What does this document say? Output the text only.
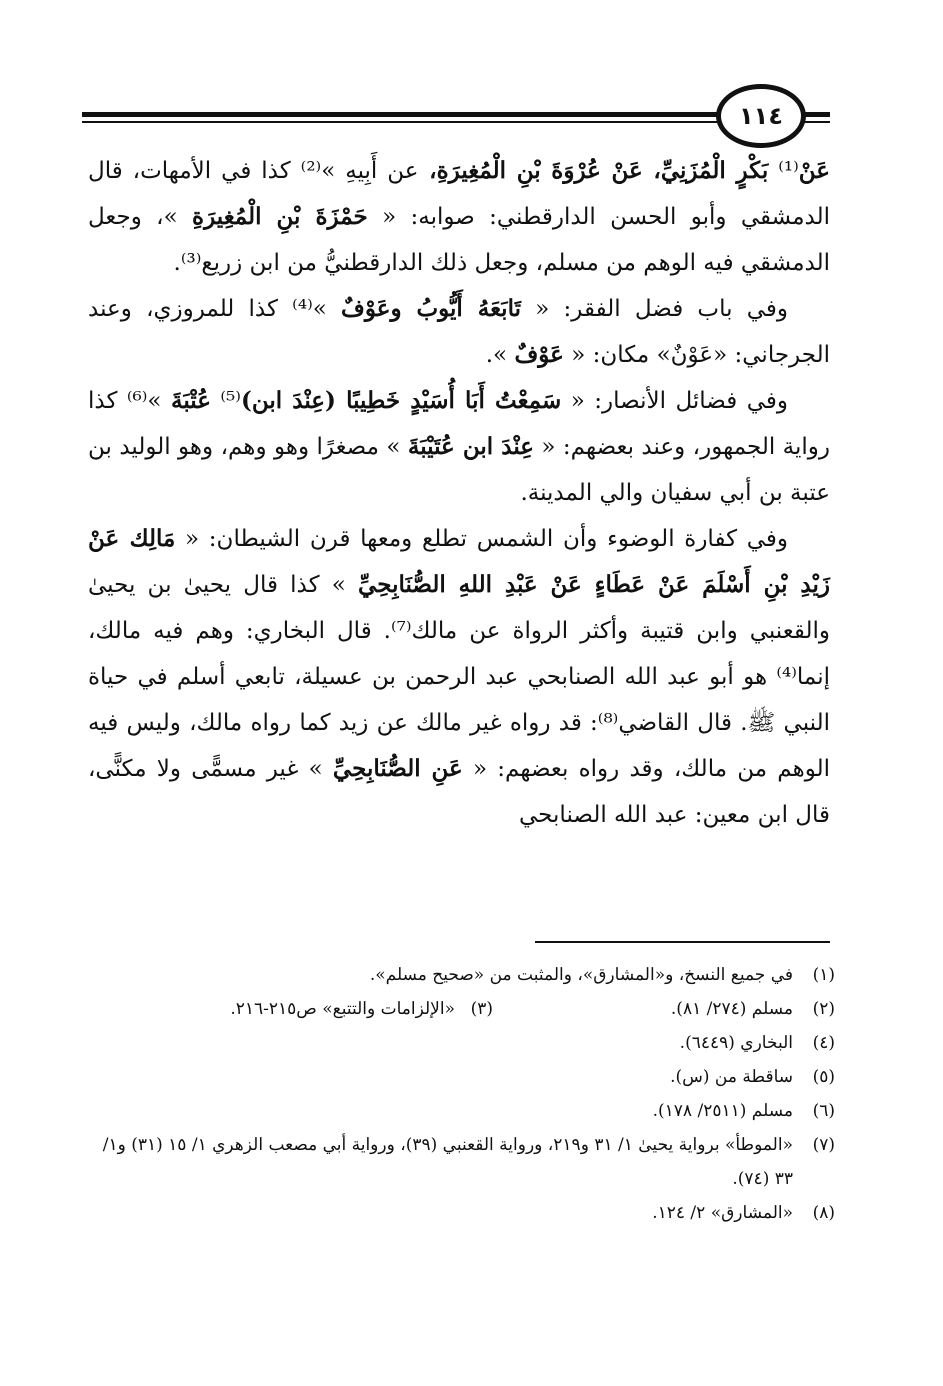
١١٤

عَنْ⁽¹⁾ بَكْرٍ الْمُزَنِيِّ، عَنْ عُرْوَةَ بْنِ الْمُغِيرَةِ، عن أَبِيهِ »⁽²⁾ كذا في الأمهات، قال الدمشقي وأبو الحسن الدارقطني: صوابه: « حَمْزَةَ بْنِ الْمُغِيرَةِ »، وجعل الدمشقي فيه الوهم من مسلم، وجعل ذلك الدارقطنيُّ من ابن زريع⁽³⁾.

وفي باب فضل الفقر: « تَابَعَهُ أَيُّوبُ وعَوْفٌ »⁽⁴⁾ كذا للمروزي، وعند الجرجاني: «عَوْنٌ» مكان: « عَوْفٌ ».

وفي فضائل الأنصار: « سَمِعْتُ أَبَا أُسَيْدٍ خَطِيبًا (عِنْدَ ابن)⁽⁵⁾ عُتْبَةَ »⁽⁶⁾ كذا رواية الجمهور، وعند بعضهم: « عِنْدَ ابن عُتَيْبَةَ » مصغرًا وهو وهم، وهو الوليد بن عتبة بن أبي سفيان والي المدينة.

وفي كفارة الوضوء وأن الشمس تطلع ومعها قرن الشيطان: « مَالِك عَنْ زَيْدِ بْنِ أَسْلَمَ عَنْ عَطَاءٍ عَنْ عَبْدِ اللهِ الصُّنَابِحِيِّ » كذا قال يحيىٰ بن يحيىٰ والقعنبي وابن قتيبة وأكثر الرواة عن مالك⁽⁷⁾. قال البخاري: وهم فيه مالك، إنما⁽⁴⁾ هو أبو عبد الله الصنابحي عبد الرحمن بن عسيلة، تابعي أسلم في حياة النبي ﷺ. قال القاضي⁽⁸⁾: قد رواه غير مالك عن زيد كما رواه مالك، وليس فيه الوهم من مالك، وقد رواه بعضهم: « عَنِ الصُّنَابِحِيِّ » غير مسمًّى ولا مكنًّى، قال ابن معين: عبد الله الصنابحي

(١)
في جميع النسخ، و«المشارق»، والمثبت من «صحيح مسلم».
(٢)
مسلم (٢٧٤/ ٨١).
(٣)
«الإلزامات والتتبع» ص٢١٥-٢١٦.
(٤)
البخاري (٦٤٤٩).
(٥)
ساقطة من (س).
(٦)
مسلم (٢٥١١/ ١٧٨).
(٧)
«الموطأ» برواية يحيىٰ ١/ ٣١ و٢١٩، ورواية القعنبي (٣٩)، ورواية أبي مصعب الزهري ١/ ١٥ (٣١) و١/ ٣٣ (٧٤).
(٨)
«المشارق» ٢/ ١٢٤.
